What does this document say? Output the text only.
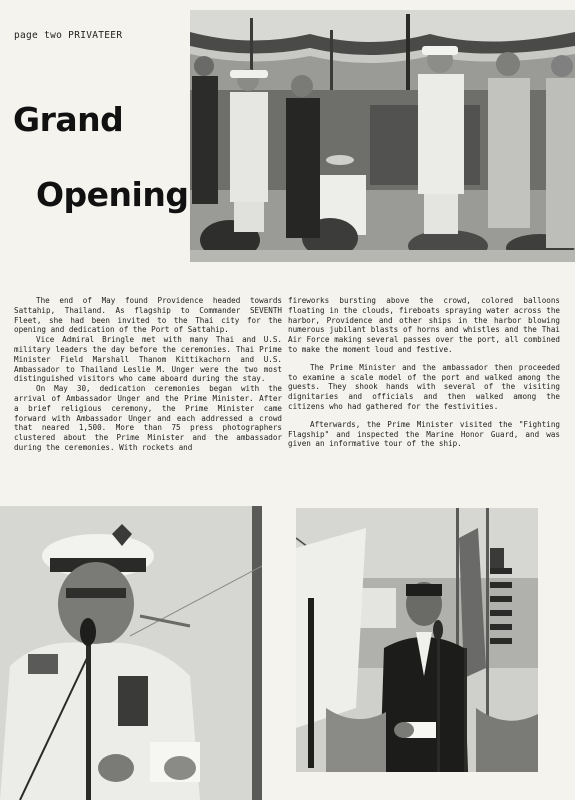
page two PRIVATEER
Grand
Opening

The end of May found Providence headed towards Sattahip, Thailand. As flagship to Commander SEVENTH Fleet, she had been invited to the Thai city for the opening and dedication of the Port of Sattahip.

Vice Admiral Bringle met with many Thai and U.S. military leaders the day before the ceremonies. Thai Prime Minister Field Marshall Thanom Kittikachorn and U.S. Ambassador to Thailand Leslie M. Unger were the two most distinguished visitors who came aboard during the stay.

On May 30, dedication ceremonies began with the arrival of Ambassador Unger and the Prime Minister. After a brief religious ceremony, the Prime Minister came forward with Ambassador Unger and each addressed a crowd that neared 1,500. More than 75 press photographers clustered about the Prime Minister and the ambassador during the ceremonies. With rockets and

fireworks bursting above the crowd, colored balloons floating in the clouds, fireboats spraying water across the harbor, Providence and other ships in the harbor blowing numerous jubilant blasts of horns and whistles and the Thai Air Force making several passes over the port, all combined to make the moment loud and festive.

The Prime Minister and the ambassador then proceeded to examine a scale model of the port and walked among the guests. They shook hands with several of the visiting dignitaries and officials and then walked among the citizens who had gathered for the festivities.

Afterwards, the Prime Minister visited the "Fighting Flagship" and inspected the Marine Honor Guard, and was given an informative tour of the ship.
